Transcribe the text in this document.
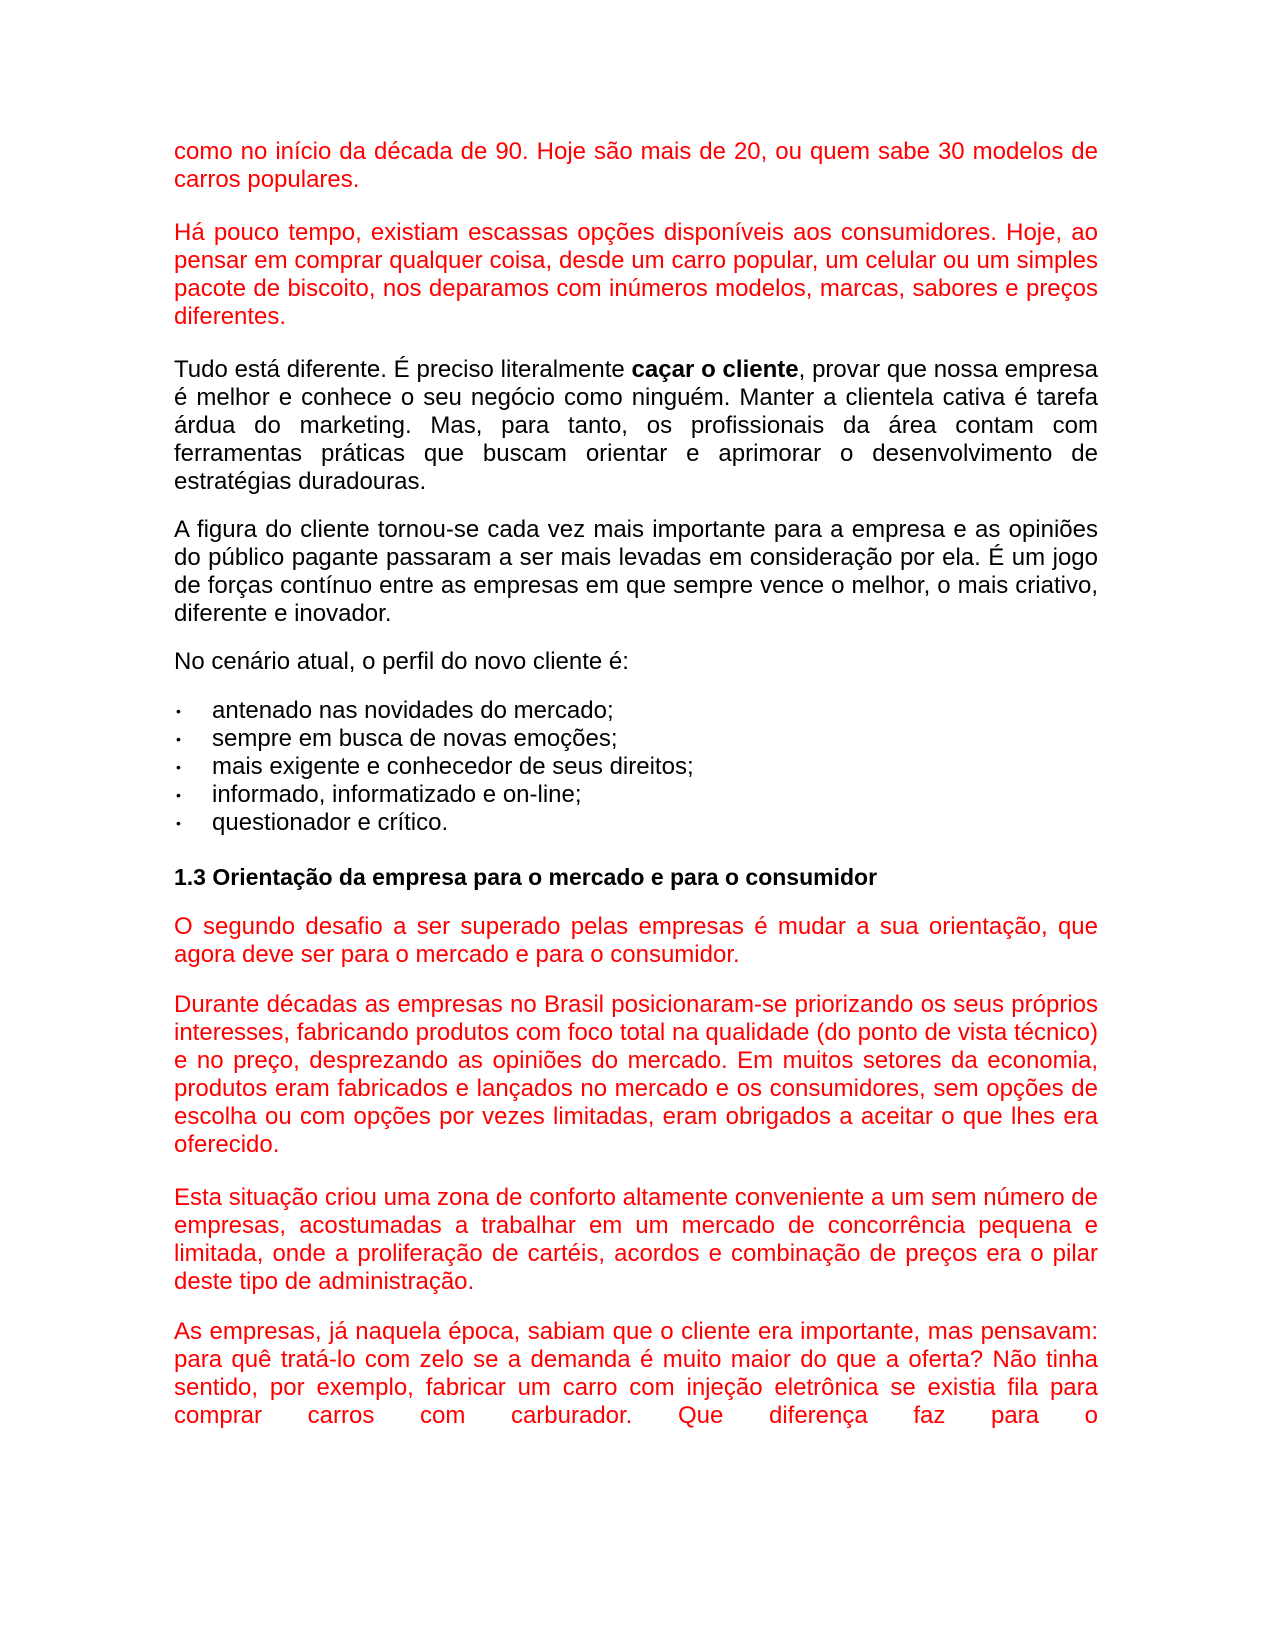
como no início da década de 90. Hoje são mais de 20, ou quem sabe 30 modelos de carros populares.

Há pouco tempo, existiam escassas opções disponíveis aos consumidores. Hoje, ao pensar em comprar qualquer coisa, desde um carro popular, um celular ou um simples pacote de biscoito, nos deparamos com inúmeros modelos, marcas, sabores e preços diferentes.

Tudo está diferente. É preciso literalmente caçar o cliente, provar que nossa empresa é melhor e conhece o seu negócio como ninguém. Manter a clientela cativa é tarefa árdua do marketing. Mas, para tanto, os profissionais da área contam com ferramentas práticas que buscam orientar e aprimorar o desenvolvimento de estratégias duradouras.

A figura do cliente tornou-se cada vez mais importante para a empresa e as opiniões do público pagante passaram a ser mais levadas em consideração por ela. É um jogo de forças contínuo entre as empresas em que sempre vence o melhor, o mais criativo, diferente e inovador.

No cenário atual, o perfil do novo cliente é:

• antenado nas novidades do mercado;
• sempre em busca de novas emoções;
• mais exigente e conhecedor de seus direitos;
• informado, informatizado e on-line;
• questionador e crítico.
1.3 Orientação da empresa para o mercado e para o consumidor

O segundo desafio a ser superado pelas empresas é mudar a sua orientação, que agora deve ser para o mercado e para o consumidor.

Durante décadas as empresas no Brasil posicionaram-se priorizando os seus próprios interesses, fabricando produtos com foco total na qualidade (do ponto de vista técnico) e no preço, desprezando as opiniões do mercado. Em muitos setores da economia, produtos eram fabricados e lançados no mercado e os consumidores, sem opções de escolha ou com opções por vezes limitadas, eram obrigados a aceitar o que lhes era oferecido.

Esta situação criou uma zona de conforto altamente conveniente a um sem número de empresas, acostumadas a trabalhar em um mercado de concorrência pequena e limitada, onde a proliferação de cartéis, acordos e combinação de preços era o pilar deste tipo de administração.

As empresas, já naquela época, sabiam que o cliente era importante, mas pensavam: para quê tratá-lo com zelo se a demanda é muito maior do que a oferta? Não tinha sentido, por exemplo, fabricar um carro com injeção eletrônica se existia fila para comprar carros com carburador. Que diferença faz para o
